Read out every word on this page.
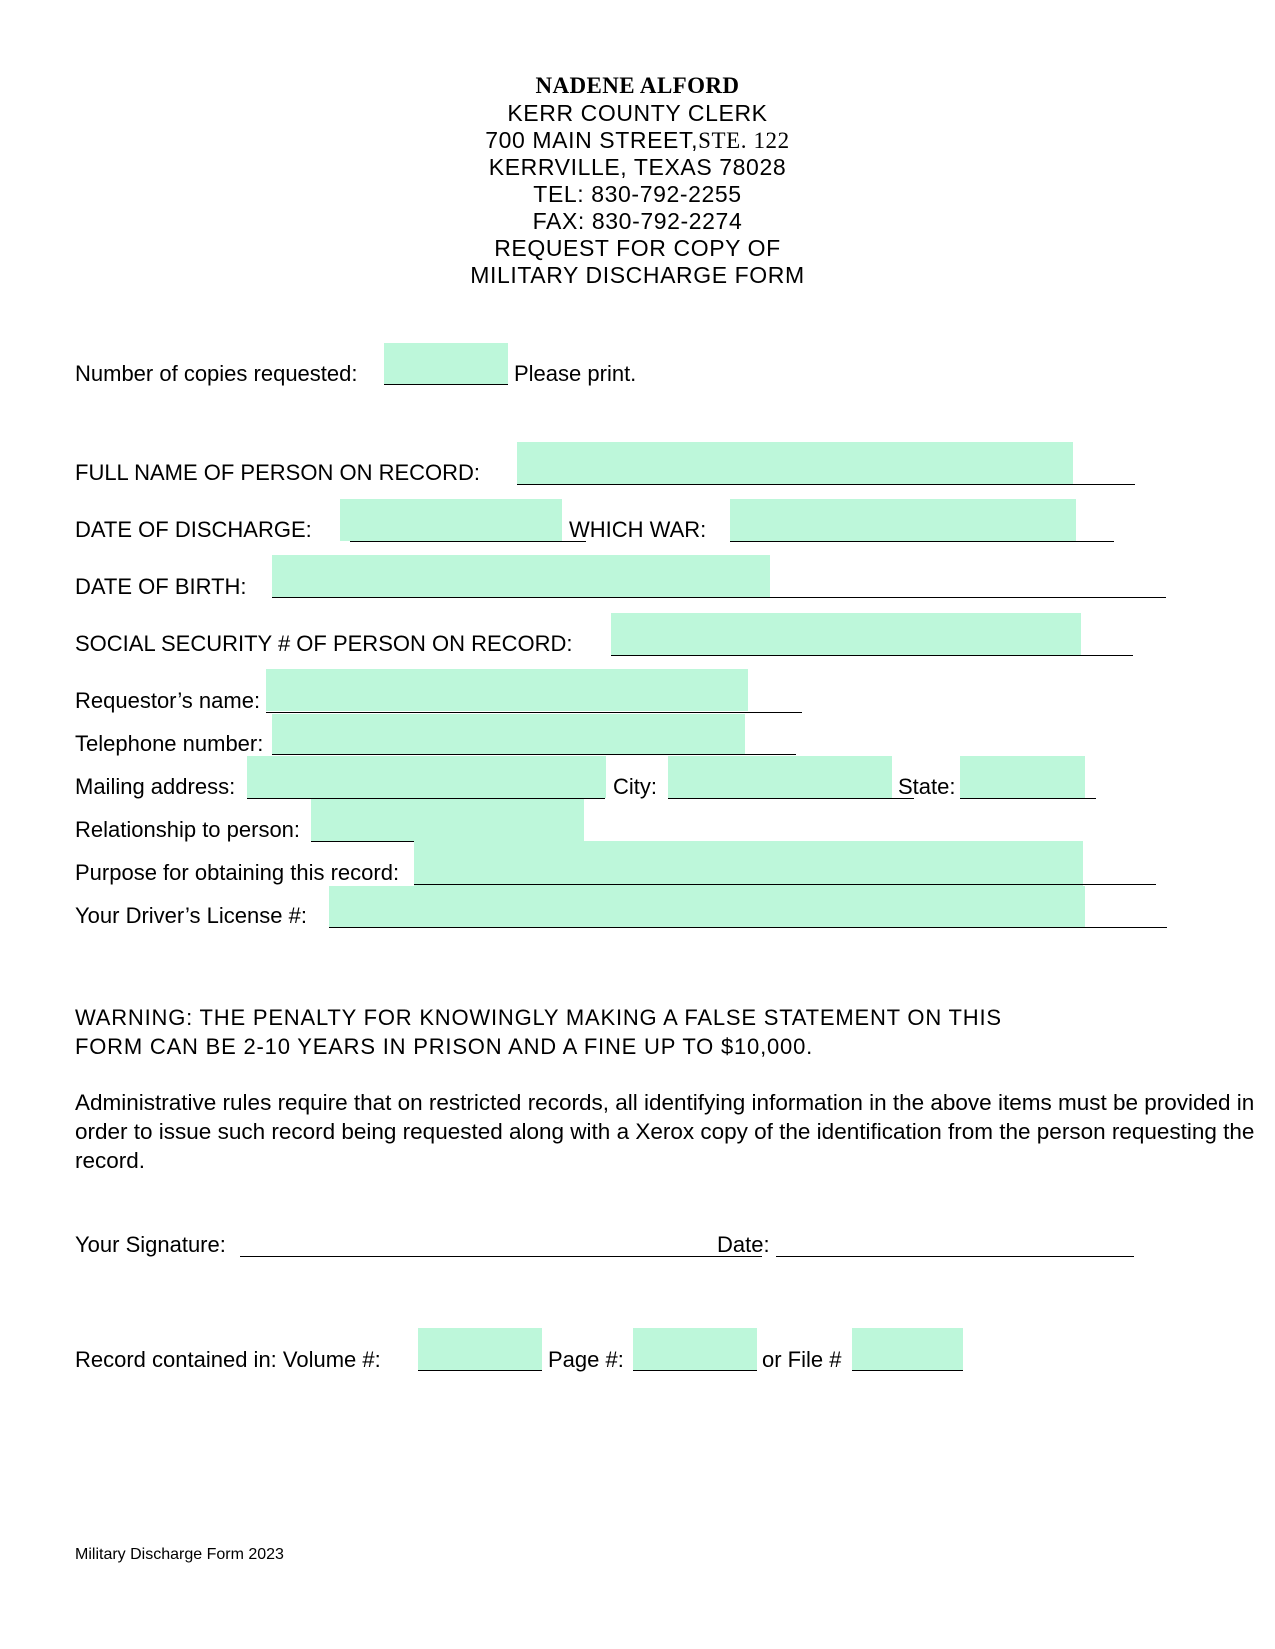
NADENE ALFORD
KERR COUNTY CLERK
700 MAIN STREET,STE. 122
KERRVILLE, TEXAS 78028
TEL: 830-792-2255
FAX: 830-792-2274
REQUEST FOR COPY OF
MILITARY DISCHARGE FORM
Number of copies requested:	Please print.
FULL NAME OF PERSON ON RECORD:
DATE OF DISCHARGE:	WHICH WAR:
DATE OF BIRTH:
SOCIAL SECURITY # OF PERSON ON RECORD:
Requestor’s name:
Telephone number:
Mailing address:	City:	State:
Relationship to person:
Purpose for obtaining this record:
Your Driver’s License #:
WARNING: THE PENALTY FOR KNOWINGLY MAKING A FALSE STATEMENT ON THIS
FORM CAN BE 2-10 YEARS IN PRISON AND A FINE UP TO $10,000.
Administrative rules require that on restricted records, all identifying information in the above items must be provided in order to issue such record being requested along with a Xerox copy of the identification from the person requesting the record.
Your Signature:	Date:
Record contained in: Volume #:	Page #:	or File #
Military Discharge Form 2023
